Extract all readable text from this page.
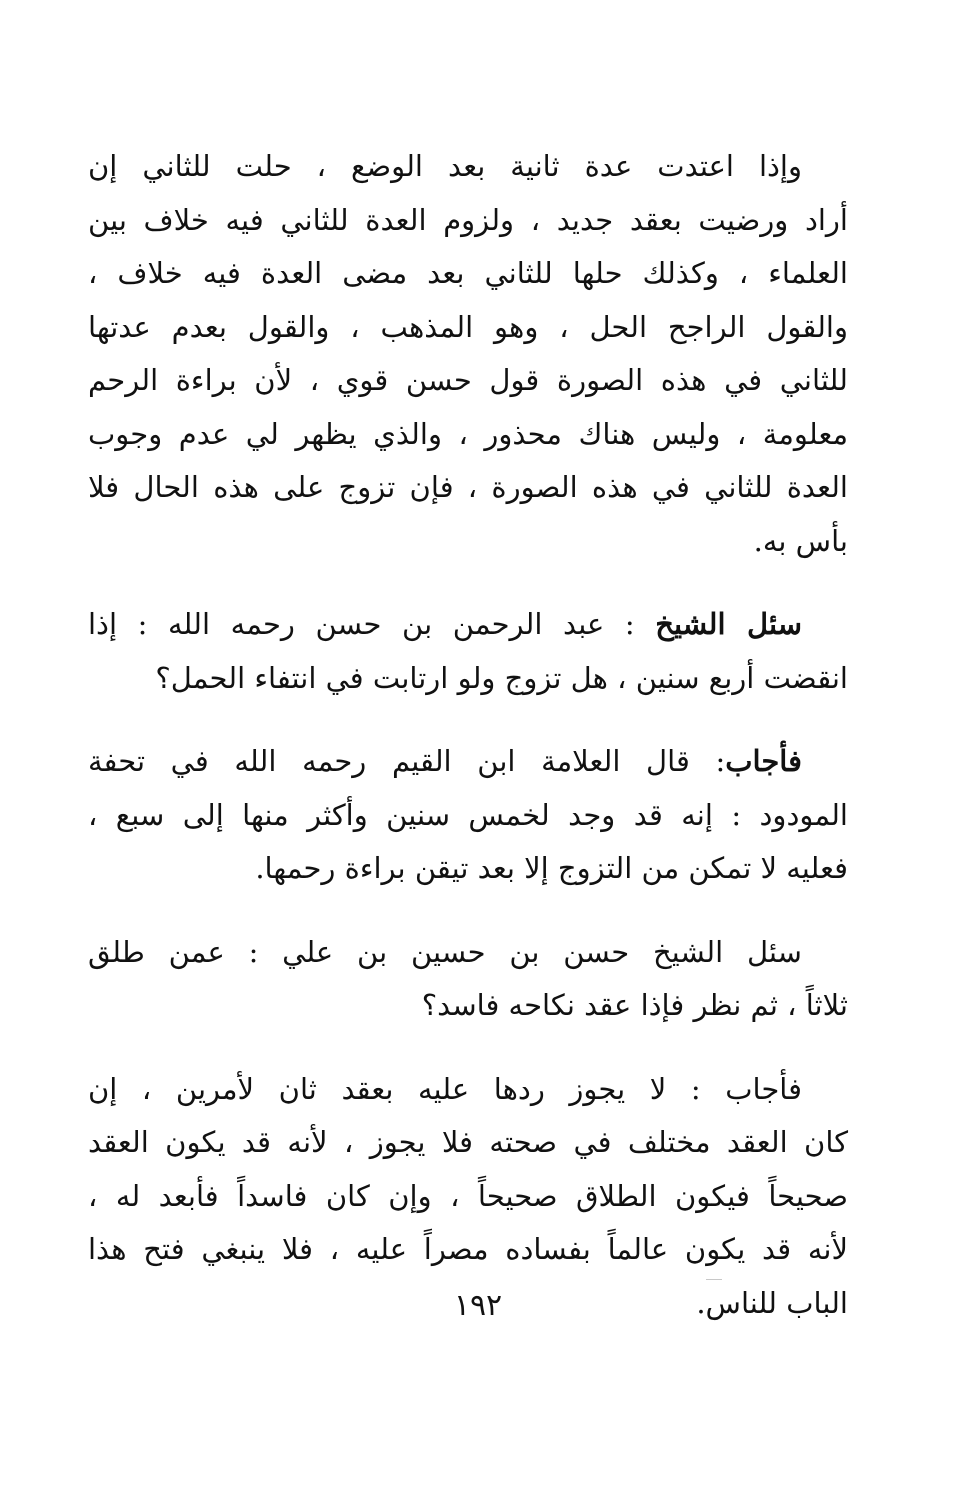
وإذا اعتدت عدة ثانية بعد الوضع ، حلت للثاني إن
أراد ورضيت بعقد جديد ، ولزوم العدة للثاني فيه خلاف بين
العلماء ، وكذلك حلها للثاني بعد مضى العدة فيه خلاف ،
والقول الراجح الحل ، وهو المذهب ، والقول بعدم عدتها
للثاني في هذه الصورة قول حسن قوي ، لأن براءة الرحم
معلومة ، وليس هناك محذور ، والذي يظهر لي عدم وجوب
العدة للثاني في هذه الصورة ، فإن تزوج على هذه الحال فلا
بأس به.
سئل الشيخ : عبد الرحمن بن حسن رحمه الله : إذا
انقضت أربع سنين ، هل تزوج ولو ارتابت في انتفاء الحمل؟
فأجاب: قال العلامة ابن القيم رحمه الله في تحفة
المودود : إنه قد وجد لخمس سنين وأكثر منها إلى سبع ،
فعليه لا تمكن من التزوج إلا بعد تيقن براءة رحمها.
سئل الشيخ حسن بن حسين بن علي : عمن طلق
ثلاثاً ، ثم نظر فإذا عقد نكاحه فاسد؟
فأجاب : لا يجوز ردها عليه بعقد ثان لأمرين ، إن
كان العقد مختلف في صحته فلا يجوز ، لأنه قد يكون العقد
صحيحاً فيكون الطلاق صحيحاً ، وإن كان فاسداً فأبعد له ،
لأنه قد يكون عالماً بفساده مصراً عليه ، فلا ينبغي فتح هذا
الباب للناس.
١٩٢
